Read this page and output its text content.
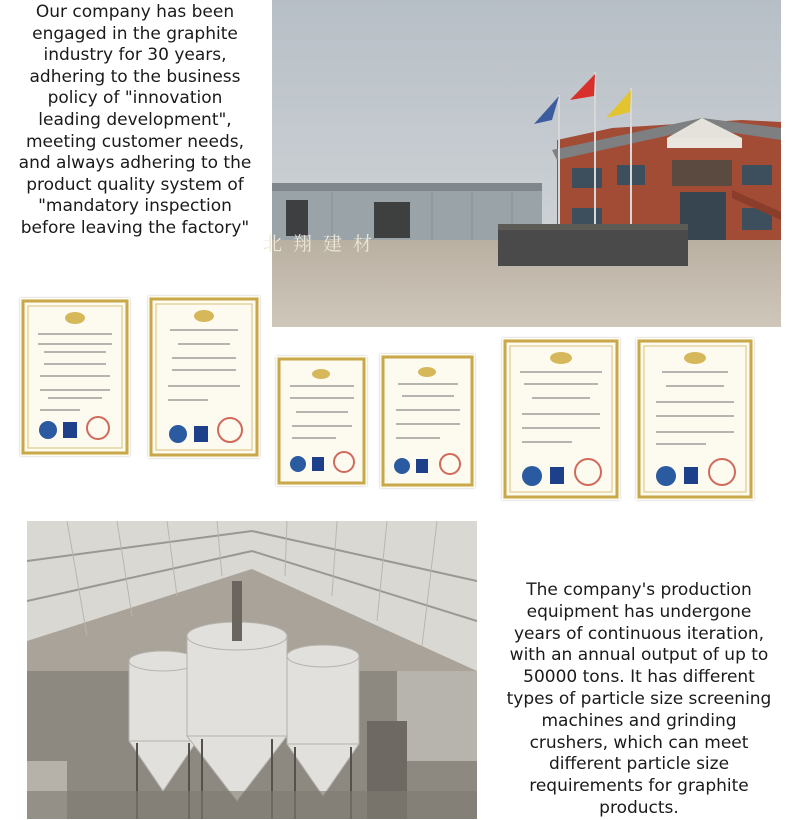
Our company has been
engaged in the graphite
industry for 30 years,
adhering to the business
policy of "innovation
leading development",
meeting customer needs,
and always adhering to the
product quality system of
"mandatory inspection
before leaving the factory"
北翔建材
The company's production
equipment has undergone
years of continuous iteration,
with an annual output of up to
50000 tons. It has different
types of particle size screening
machines and grinding
crushers, which can meet
different particle size
requirements for graphite
products.
